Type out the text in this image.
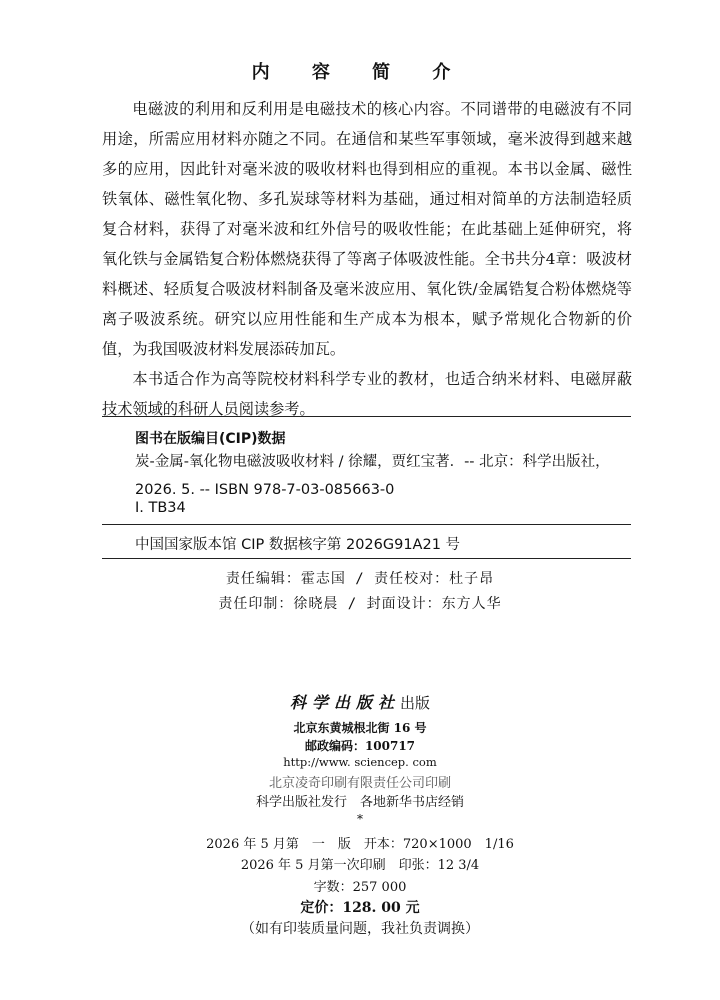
内 容 简 介

电磁波的利用和反利用是电磁技术的核心内容。不同谱带的电磁波有不同用途，所需应用材料亦随之不同。在通信和某些军事领域，毫米波得到越来越多的应用，因此针对毫米波的吸收材料也得到相应的重视。本书以金属、磁性铁氧体、磁性氧化物、多孔炭球等材料为基础，通过相对简单的方法制造轻质复合材料，获得了对毫米波和红外信号的吸收性能；在此基础上延伸研究，将氧化铁与金属锆复合粉体燃烧获得了等离子体吸波性能。全书共分4章：吸波材料概述、轻质复合吸波材料制备及毫米波应用、氧化铁/金属锆复合粉体燃烧等离子吸波系统。研究以应用性能和生产成本为根本，赋予常规化合物新的价值，为我国吸波材料发展添砖加瓦。

本书适合作为高等院校材料科学专业的教材，也适合纳米材料、电磁屏蔽技术领域的科研人员阅读参考。

图书在版编目(CIP)数据
炭-金属-氧化物电磁波吸收材料 / 徐耀，贾红宝著．-- 北京：科学出版社，2026. 5. -- ISBN 978-7-03-085663-0
Ⅰ. TB34
中国国家版本馆 CIP 数据核字第 2026G91A21 号
责任编辑：霍志国 / 责任校对：杜子昂
责任印制：徐晓晨 / 封面设计：东方人华
科学出版社出版
北京东黄城根北街 16 号
邮政编码：100717
http://www. sciencep. com
北京凌奇印刷有限责任公司印刷
科学出版社发行　各地新华书店经销
*
2026 年 5 月第　一　版　开本：720×1000　1/16
2026 年 5 月第一次印刷　印张：12 3/4
字数：257 000
定价：128. 00 元
（如有印装质量问题，我社负责调换）
